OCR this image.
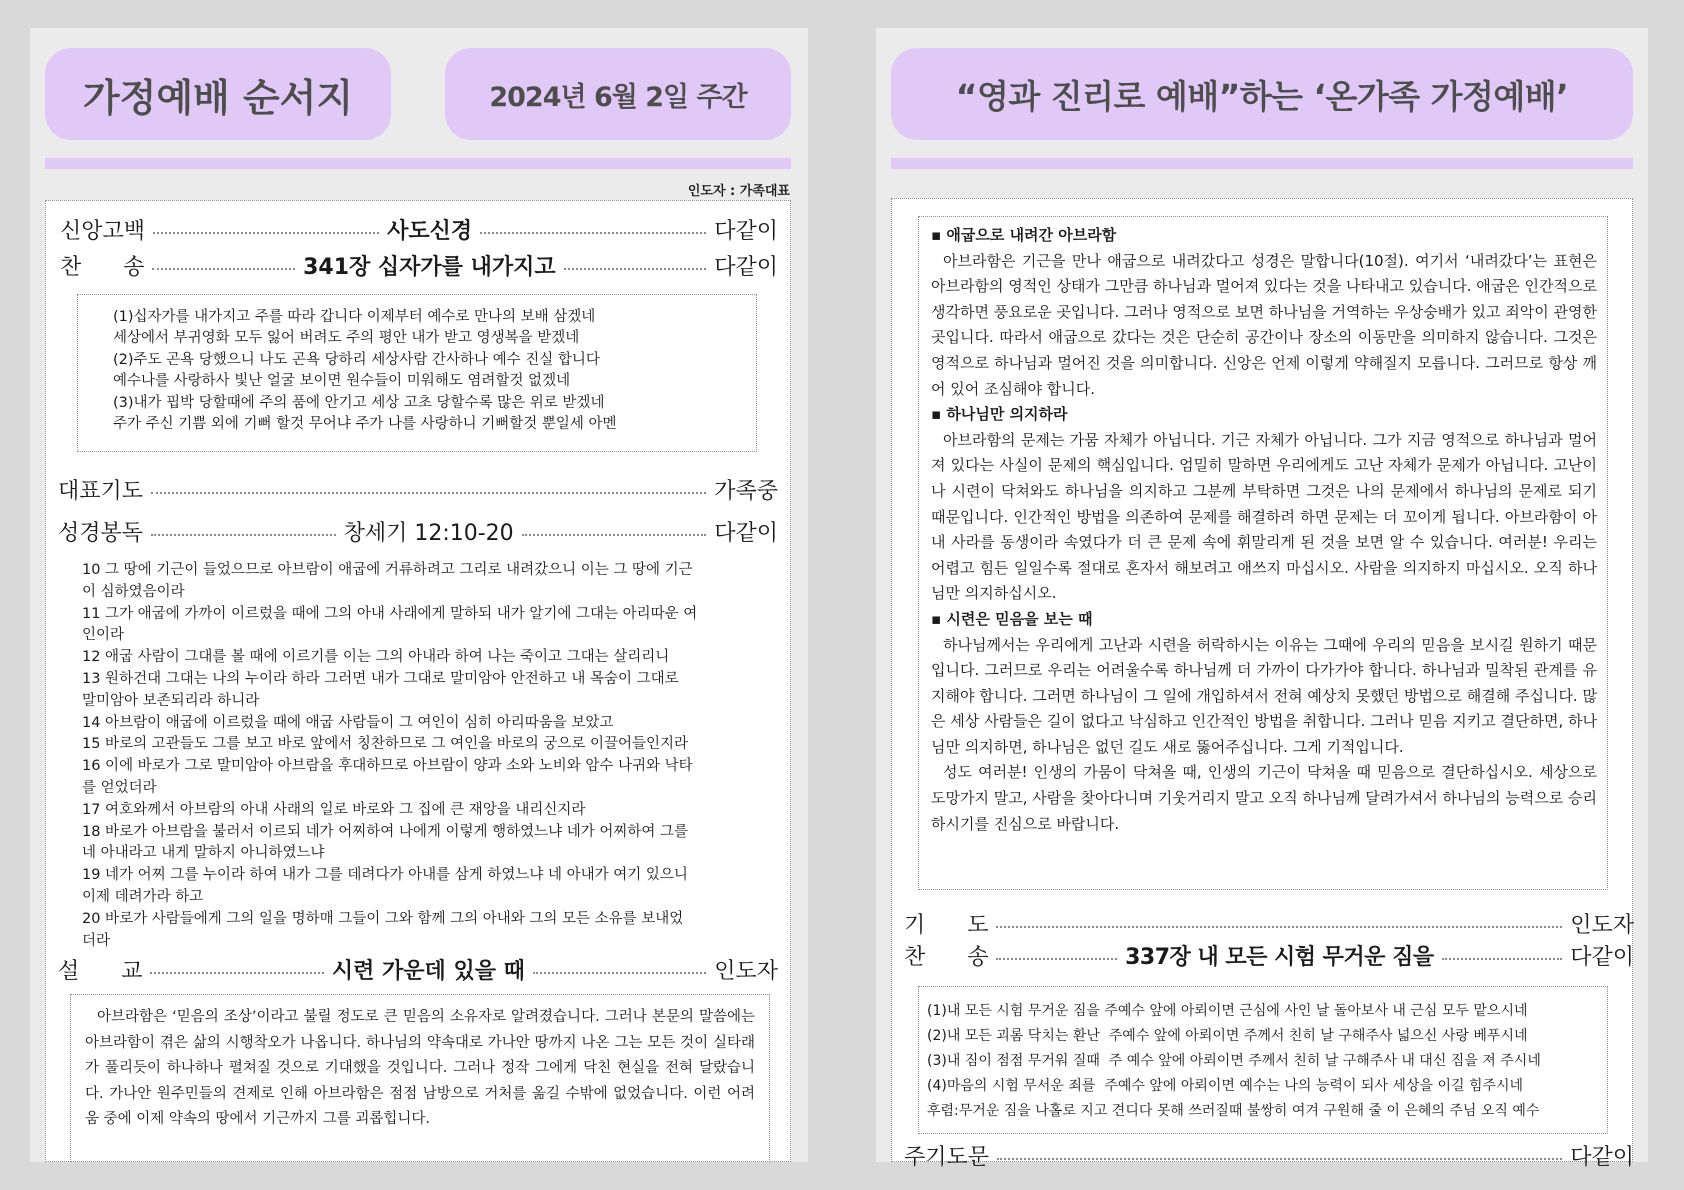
가정예배 순서지	2024년 6월 2일 주간
인도자 : 가족대표
신앙고백	사도신경	다같이
찬      송	341장 십자가를 내가지고	다같이
(1)십자가를 내가지고 주를 따라 갑니다 이제부터 예수로 만나의 보배 삼겠네
세상에서 부귀영화 모두 잃어 버려도 주의 평안 내가 받고 영생복을 받겠네
(2)주도 곤욕 당했으니 나도 곤욕 당하리 세상사람 간사하나 예수 진실 합니다
예수나를 사랑하사 빛난 얼굴 보이면 원수들이 미워해도 염려할것 없겠네
(3)내가 핍박 당할때에 주의 품에 안기고 세상 고초 당할수록 많은 위로 받겠네
주가 주신 기쁨 외에 기뻐 할것 무어냐 주가 나를 사랑하니 기뻐할것 뿐일세 아멘
대표기도	가족중
성경봉독	창세기 12:10-20	다같이
10 그 땅에 기근이 들었으므로 아브람이 애굽에 거류하려고 그리로 내려갔으니 이는 그 땅에 기근
이 심하였음이라
11 그가 애굽에 가까이 이르렀을 때에 그의 아내 사래에게 말하되 내가 알기에 그대는 아리따운 여
인이라
12 애굽 사람이 그대를 볼 때에 이르기를 이는 그의 아내라 하여 나는 죽이고 그대는 살리리니
13 원하건대 그대는 나의 누이라 하라 그러면 내가 그대로 말미암아 안전하고 내 목숨이 그대로
말미암아 보존되리라 하니라
14 아브람이 애굽에 이르렀을 때에 애굽 사람들이 그 여인이 심히 아리따움을 보았고
15 바로의 고관들도 그를 보고 바로 앞에서 칭찬하므로 그 여인을 바로의 궁으로 이끌어들인지라
16 이에 바로가 그로 말미암아 아브람을 후대하므로 아브람이 양과 소와 노비와 암수 나귀와 낙타
를 얻었더라
17 여호와께서 아브람의 아내 사래의 일로 바로와 그 집에 큰 재앙을 내리신지라
18 바로가 아브람을 불러서 이르되 네가 어찌하여 나에게 이렇게 행하였느냐 네가 어찌하여 그를
네 아내라고 내게 말하지 아니하였느냐
19 네가 어찌 그를 누이라 하여 내가 그를 데려다가 아내를 삼게 하였느냐 네 아내가 여기 있으니
이제 데려가라 하고
20 바로가 사람들에게 그의 일을 명하매 그들이 그와 함께 그의 아내와 그의 모든 소유를 보내었
더라
설      교	시련 가운데 있을 때	인도자

아브라함은 ‘믿음의 조상’이라고 불릴 정도로 큰 믿음의 소유자로 알려졌습니다. 그러나 본문의 말씀에는 아브라함이 겪은 삶의 시행착오가 나옵니다. 하나님의 약속대로 가나안 땅까지 나온 그는 모든 것이 실타래가 풀리듯이 하나하나 펼쳐질 것으로 기대했을 것입니다. 그러나 정작 그에게 닥친 현실을 전혀 달랐습니다. 가나안 원주민들의 견제로 인해 아브라함은 점점 남방으로 거처를 옮길 수밖에 없었습니다. 이런 어려움 중에 이제 약속의 땅에서 기근까지 그를 괴롭힙니다.

“영과 진리로 예배”하는 ‘온가족 가정예배’
▪ 애굽으로 내려간 아브라함

아브라함은 기근을 만나 애굽으로 내려갔다고 성경은 말합니다(10절). 여기서 ‘내려갔다’는 표현은 아브라함의 영적인 상태가 그만큼 하나님과 멀어져 있다는 것을 나타내고 있습니다. 애굽은 인간적으로 생각하면 풍요로운 곳입니다. 그러나 영적으로 보면 하나님을 거역하는 우상숭배가 있고 죄악이 관영한 곳입니다. 따라서 애굽으로 갔다는 것은 단순히 공간이나 장소의 이동만을 의미하지 않습니다. 그것은 영적으로 하나님과 멀어진 것을 의미합니다. 신앙은 언제 이렇게 약해질지 모릅니다. 그러므로 항상 깨어 있어 조심해야 합니다.

▪ 하나님만 의지하라

아브라함의 문제는 가뭄 자체가 아닙니다. 기근 자체가 아닙니다. 그가 지금 영적으로 하나님과 멀어져 있다는 사실이 문제의 핵심입니다. 엄밀히 말하면 우리에게도 고난 자체가 문제가 아닙니다. 고난이나 시련이 닥쳐와도 하나님을 의지하고 그분께 부탁하면 그것은 나의 문제에서 하나님의 문제로 되기 때문입니다. 인간적인 방법을 의존하여 문제를 해결하려 하면 문제는 더 꼬이게 됩니다. 아브라함이 아내 사라를 동생이라 속였다가 더 큰 문제 속에 휘말리게 된 것을 보면 알 수 있습니다. 여러분! 우리는 어렵고 힘든 일일수록 절대로 혼자서 해보려고 애쓰지 마십시오. 사람을 의지하지 마십시오. 오직 하나님만 의지하십시오.

▪ 시련은 믿음을 보는 때

하나님께서는 우리에게 고난과 시련을 허락하시는 이유는 그때에 우리의 믿음을 보시길 원하기 때문입니다. 그러므로 우리는 어려울수록 하나님께 더 가까이 다가가야 합니다. 하나님과 밀착된 관계를 유지해야 합니다. 그러면 하나님이 그 일에 개입하셔서 전혀 예상치 못했던 방법으로 해결해 주십니다. 많은 세상 사람들은 길이 없다고 낙심하고 인간적인 방법을 취합니다. 그러나 믿음 지키고 결단하면, 하나님만 의지하면, 하나님은 없던 길도 새로 뚫어주십니다. 그게 기적입니다.

성도 여러분! 인생의 가뭄이 닥쳐올 때, 인생의 기근이 닥쳐올 때 믿음으로 결단하십시오. 세상으로 도망가지 말고, 사람을 찾아다니며 기웃거리지 말고 오직 하나님께 달려가셔서 하나님의 능력으로 승리하시기를 진심으로 바랍니다.

기      도	인도자
찬      송	337장 내 모든 시험 무거운 짐을	다같이
(1)내 모든 시험 무거운 짐을 주예수 앞에 아뢰이면 근심에 사인 날 돌아보사 내 근심 모두 맡으시네
(2)내 모든 괴롬 닥치는 환난  주예수 앞에 아뢰이면 주께서 친히 날 구해주사 넓으신 사랑 베푸시네
(3)내 짐이 점점 무거워 질때  주 예수 앞에 아뢰이면 주께서 친히 날 구해주사 내 대신 짐을 져 주시네
(4)마음의 시험 무서운 죄를  주예수 앞에 아뢰이면 예수는 나의 능력이 되사 세상을 이길 힘주시네
후렴:무거운 짐을 나홀로 지고 견디다 못해 쓰러질때 불쌍히 여겨 구원해 줄 이 은혜의 주님 오직 예수
주기도문	다같이
